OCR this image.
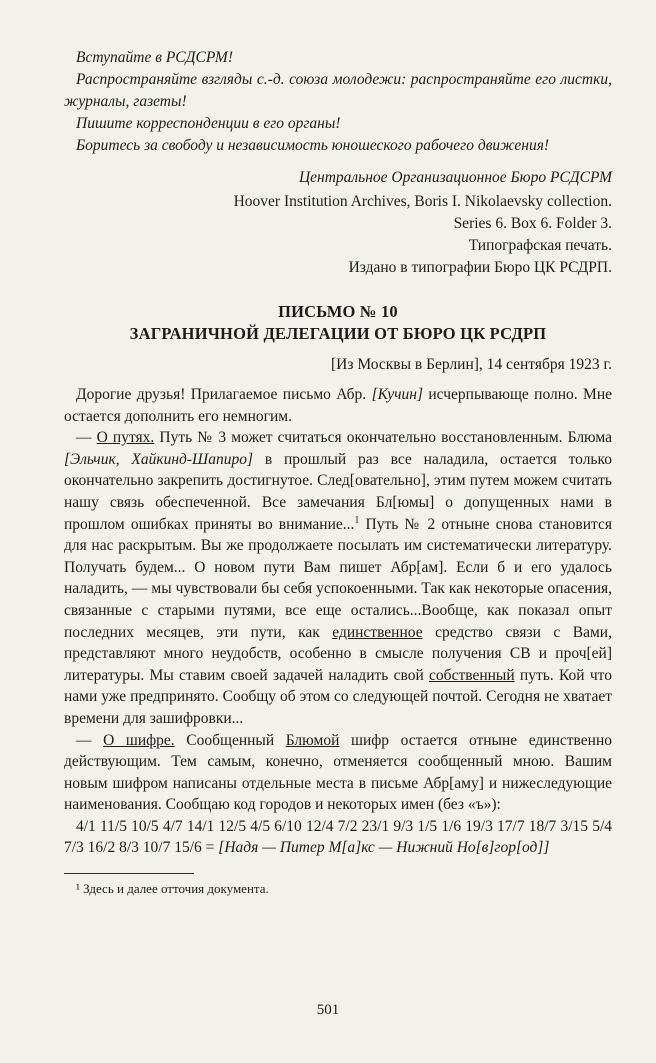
Вступайте в РСДСРМ!

Распространяйте взгляды с.-д. союза молодежи: распространяйте его листки, журналы, газеты!

Пишите корреспонденции в его органы!

Боритесь за свободу и независимость юношеского рабочего движения!

Центральное Организационное Бюро РСДСРМ
Hoover Institution Archives, Boris I. Nikolaevsky collection.
Series 6. Box 6. Folder 3.
Типографская печать.
Издано в типографии Бюро ЦК РСДРП.
ПИСЬМО № 10
ЗАГРАНИЧНОЙ ДЕЛЕГАЦИИ ОТ БЮРО ЦК РСДРП
[Из Москвы в Берлин], 14 сентября 1923 г.

Дорогие друзья! Прилагаемое письмо Абр. [Кучин] исчерпывающе полно. Мне остается дополнить его немногим.

— О путях. Путь № 3 может считаться окончательно восстановленным. Блюма [Эльчик, Хайкинд-Шапиро] в прошлый раз все наладила, остается только окончательно закрепить достигнутое. След[овательно], этим путем можем считать нашу связь обеспеченной. Все замечания Бл[юмы] о допущенных нами в прошлом ошибках приняты во внимание...$^1$ Путь № 2 отныне снова становится для нас раскрытым. Вы же продолжаете посылать им систематически литературу. Получать будем... О новом пути Вам пишет Абр[ам]. Если б и его удалось наладить, — мы чувствовали бы себя успокоенными. Так как некоторые опасения, связанные с старыми путями, все еще остались...Вообще, как показал опыт последних месяцев, эти пути, как единственное средство связи с Вами, представляют много неудобств, особенно в смысле получения СВ и проч[ей] литературы. Мы ставим своей задачей наладить свой собственный путь. Кой что нами уже предпринято. Сообщу об этом со следующей почтой. Сегодня не хватает времени для зашифровки...

— О шифре. Сообщенный Блюмой шифр остается отныне единственно действующим. Тем самым, конечно, отменяется сообщенный мною. Вашим новым шифром написаны отдельные места в письме Абр[аму] и нижеследующие наименования. Сообщаю код городов и некоторых имен (без «ъ»):

4/1 11/5 10/5 4/7 14/1 12/5 4/5 6/10 12/4 7/2 23/1 9/3 1/5 1/6 19/3 17/7 18/7 3/15 5/4 7/3 16/2 8/3 10/7 15/6 = [Надя — Питер М[а]кс — Нижний Но[в]гор[од]]

¹ Здесь и далее отточия документа.
501
